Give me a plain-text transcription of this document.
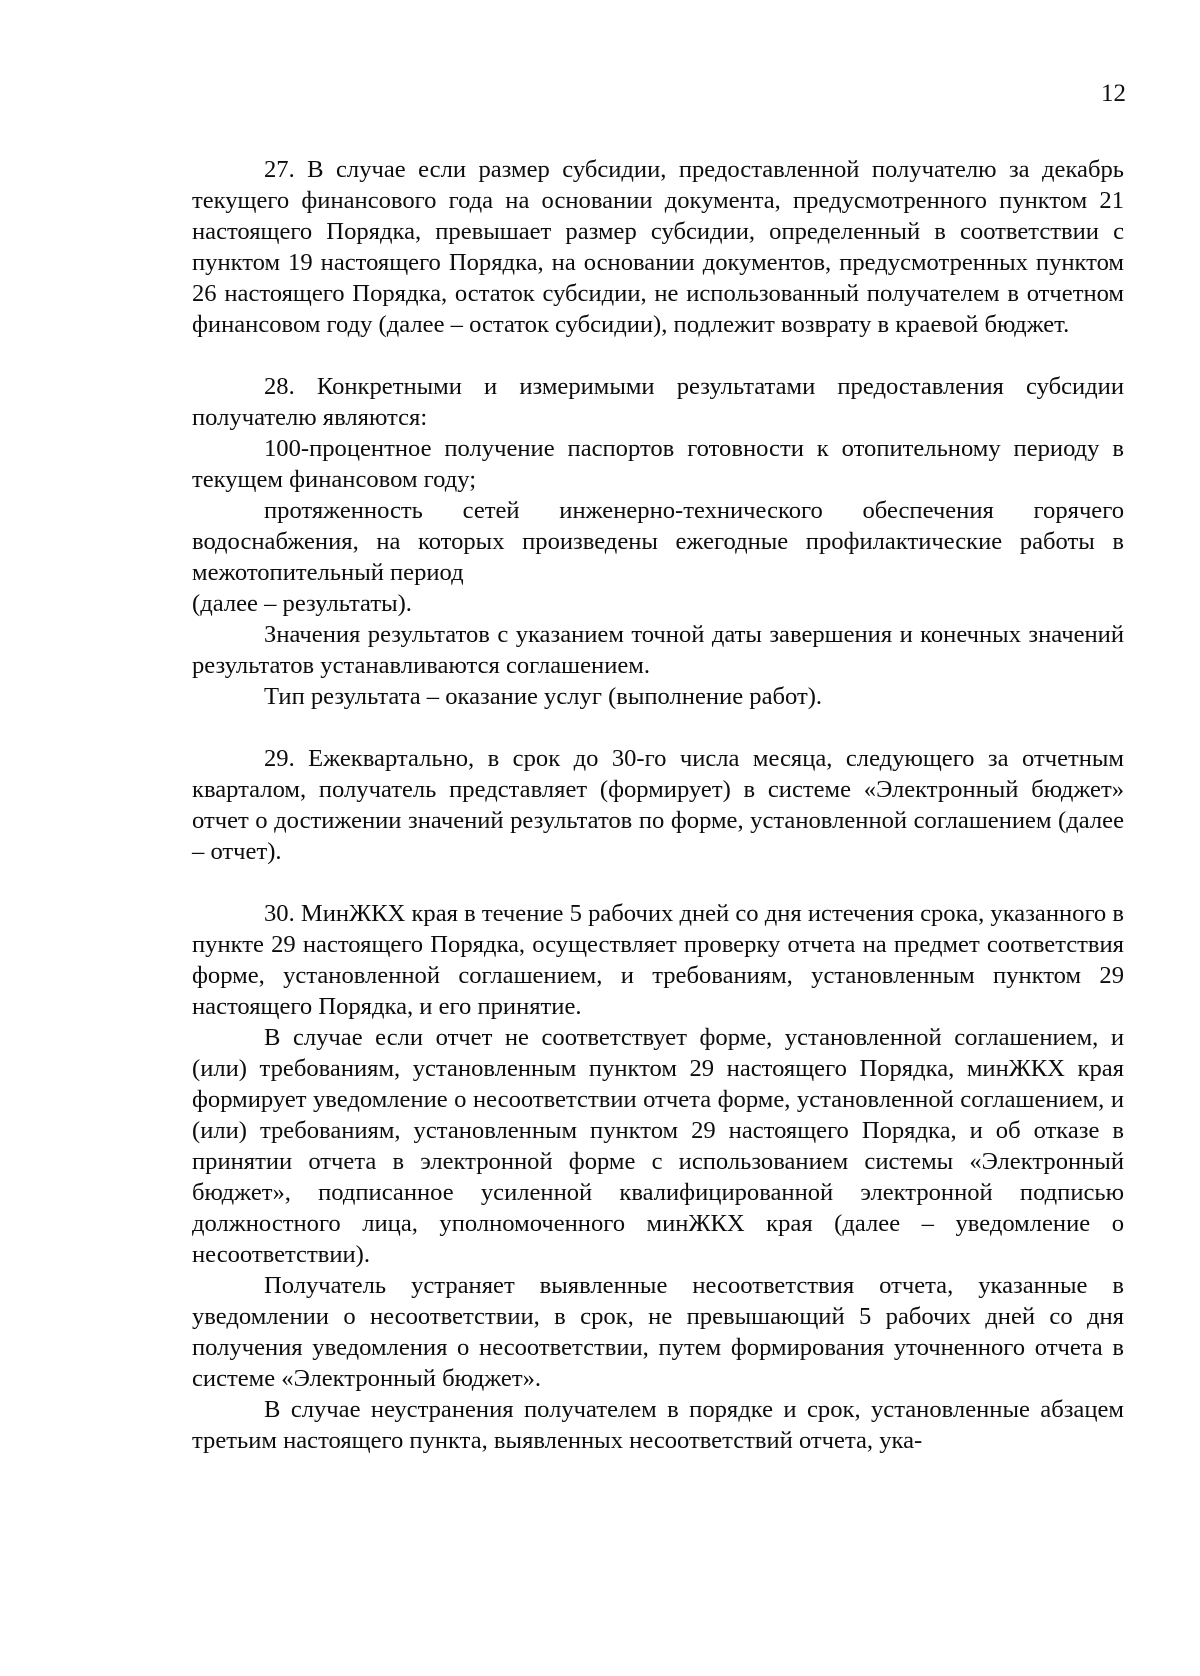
12

27. В случае если размер субсидии, предоставленной получателю за декабрь текущего финансового года на основании документа, предусмотренного пунктом 21 настоящего Порядка, превышает размер субсидии, определенный в соответствии с пунктом 19 настоящего Порядка, на основании документов, предусмотренных пунктом 26 настоящего Порядка, остаток субсидии, не использованный получателем в отчетном финансовом году (далее – остаток субсидии), подлежит возврату в краевой бюджет.

28. Конкретными и измеримыми результатами предоставления субсидии получателю являются:

100-процентное получение паспортов готовности к отопительному периоду в текущем финансовом году;

протяженность сетей инженерно-технического обеспечения горячего водоснабжения, на которых произведены ежегодные профилактические работы в межотопительный период

(далее – результаты).

Значения результатов с указанием точной даты завершения и конечных значений результатов устанавливаются соглашением.

Тип результата – оказание услуг (выполнение работ).

29. Ежеквартально, в срок до 30-го числа месяца, следующего за отчетным кварталом, получатель представляет (формирует) в системе «Электронный бюджет» отчет о достижении значений результатов по форме, установленной соглашением (далее – отчет).

30. МинЖКХ края в течение 5 рабочих дней со дня истечения срока, указанного в пункте 29 настоящего Порядка, осуществляет проверку отчета на предмет соответствия форме, установленной соглашением, и требованиям, установленным пунктом 29 настоящего Порядка, и его принятие.

В случае если отчет не соответствует форме, установленной соглашением, и (или) требованиям, установленным пунктом 29 настоящего Порядка, минЖКХ края формирует уведомление о несоответствии отчета форме, установленной соглашением, и (или) требованиям, установленным пунктом 29 настоящего Порядка, и об отказе в принятии отчета в электронной форме с использованием системы «Электронный бюджет», подписанное усиленной квалифицированной электронной подписью должностного лица, уполномоченного минЖКХ края (далее – уведомление о несоответствии).

Получатель устраняет выявленные несоответствия отчета, указанные в уведомлении о несоответствии, в срок, не превышающий 5 рабочих дней со дня получения уведомления о несоответствии, путем формирования уточненного отчета в системе «Электронный бюджет».

В случае неустранения получателем в порядке и срок, установленные абзацем третьим настоящего пункта, выявленных несоответствий отчета, ука-
